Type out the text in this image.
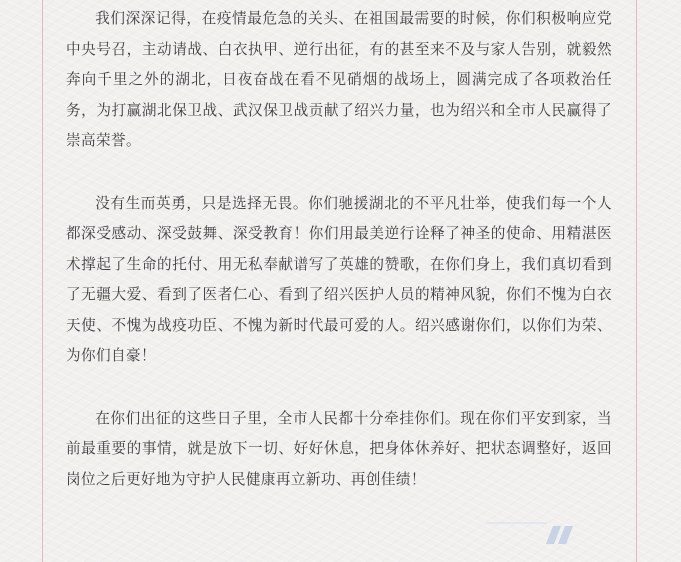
我们深深记得，在疫情最危急的关头、在祖国最需要的时候，你们积极响应党中央号召，主动请战、白衣执甲、逆行出征，有的甚至来不及与家人告别，就毅然奔向千里之外的湖北，日夜奋战在看不见硝烟的战场上，圆满完成了各项救治任务，为打赢湖北保卫战、武汉保卫战贡献了绍兴力量，也为绍兴和全市人民赢得了崇高荣誉。

没有生而英勇，只是选择无畏。你们驰援湖北的不平凡壮举，使我们每一个人都深受感动、深受鼓舞、深受教育！你们用最美逆行诠释了神圣的使命、用精湛医术撑起了生命的托付、用无私奉献谱写了英雄的赞歌，在你们身上，我们真切看到了无疆大爱、看到了医者仁心、看到了绍兴医护人员的精神风貌，你们不愧为白衣天使、不愧为战疫功臣、不愧为新时代最可爱的人。绍兴感谢你们，以你们为荣、为你们自豪！

在你们出征的这些日子里，全市人民都十分牵挂你们。现在你们平安到家，当前最重要的事情，就是放下一切、好好休息，把身体休养好、把状态调整好，返回岗位之后更好地为守护人民健康再立新功、再创佳绩！
